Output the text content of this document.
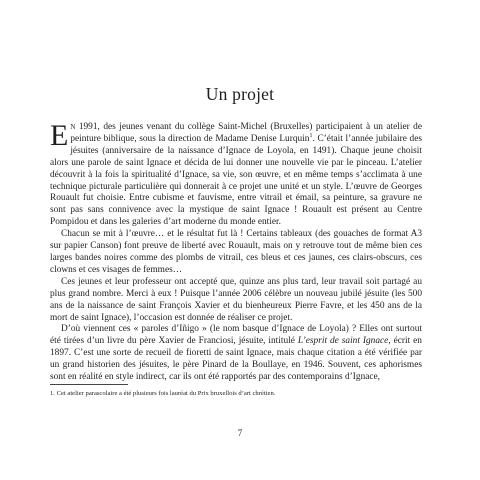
Un projet

En 1991, des jeunes venant du collège Saint-Michel (Bruxelles) participaient à un atelier de peinture biblique, sous la direction de Madame Denise Lurquin$^1$. C’était l’année jubilaire des jésuites (anniversaire de la naissance d’Ignace de Loyola, en 1491). Chaque jeune choisit alors une parole de saint Ignace et décida de lui donner une nouvelle vie par le pinceau. L’atelier découvrit à la fois la spiritualité d’Ignace, sa vie, son œuvre, et en même temps s’acclimata à une technique picturale particulière qui donnerait à ce projet une unité et un style. L’œuvre de Georges Rouault fut choisie. Entre cubisme et fauvisme, entre vitrail et émail, sa peinture, sa gravure ne sont pas sans connivence avec la mystique de saint Ignace ! Rouault est présent au Centre Pompidou et dans les galeries d’art moderne du monde entier.

Chacun se mit à l’œuvre… et le résultat fut là ! Certains tableaux (des gouaches de format A3 sur papier Canson) font preuve de liberté avec Rouault, mais on y retrouve tout de même bien ces larges bandes noires comme des plombs de vitrail, ces bleus et ces jaunes, ces clairs-obscurs, ces clowns et ces visages de femmes…

Ces jeunes et leur professeur ont accepté que, quinze ans plus tard, leur travail soit partagé au plus grand nombre. Merci à eux ! Puisque l’année 2006 célèbre un nouveau jubilé jésuite (les 500 ans de la naissance de saint François Xavier et du bienheureux Pierre Favre, et les 450 ans de la mort de saint Ignace), l’occasion est donnée de réaliser ce projet.

D’où viennent ces « paroles d’Iñigo » (le nom basque d’Ignace de Loyola) ? Elles ont surtout été tirées d’un livre du père Xavier de Franciosi, jésuite, intitulé L’esprit de saint Ignace, écrit en 1897. C’est une sorte de recueil de fioretti de saint Ignace, mais chaque citation a été vérifiée par un grand historien des jésuites, le père Pinard de la Boullaye, en 1946. Souvent, ces aphorismes sont en réalité en style indirect, car ils ont été rapportés par des contemporains d’Ignace,

1. Cet atelier parascolaire a été plusieurs fois lauréat du Prix bruxellois d’art chrétien.
7
